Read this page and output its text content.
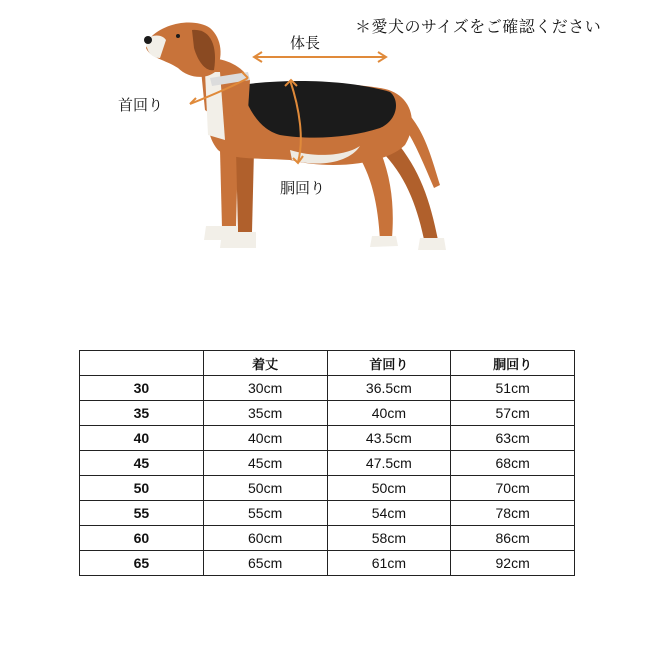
＊愛犬のサイズをご確認ください
体長
首回り
胴回り
	着丈	首回り	胴回り
30	30cm	36.5cm	51cm
35	35cm	40cm	57cm
40	40cm	43.5cm	63cm
45	45cm	47.5cm	68cm
50	50cm	50cm	70cm
55	55cm	54cm	78cm
60	60cm	58cm	86cm
65	65cm	61cm	92cm
